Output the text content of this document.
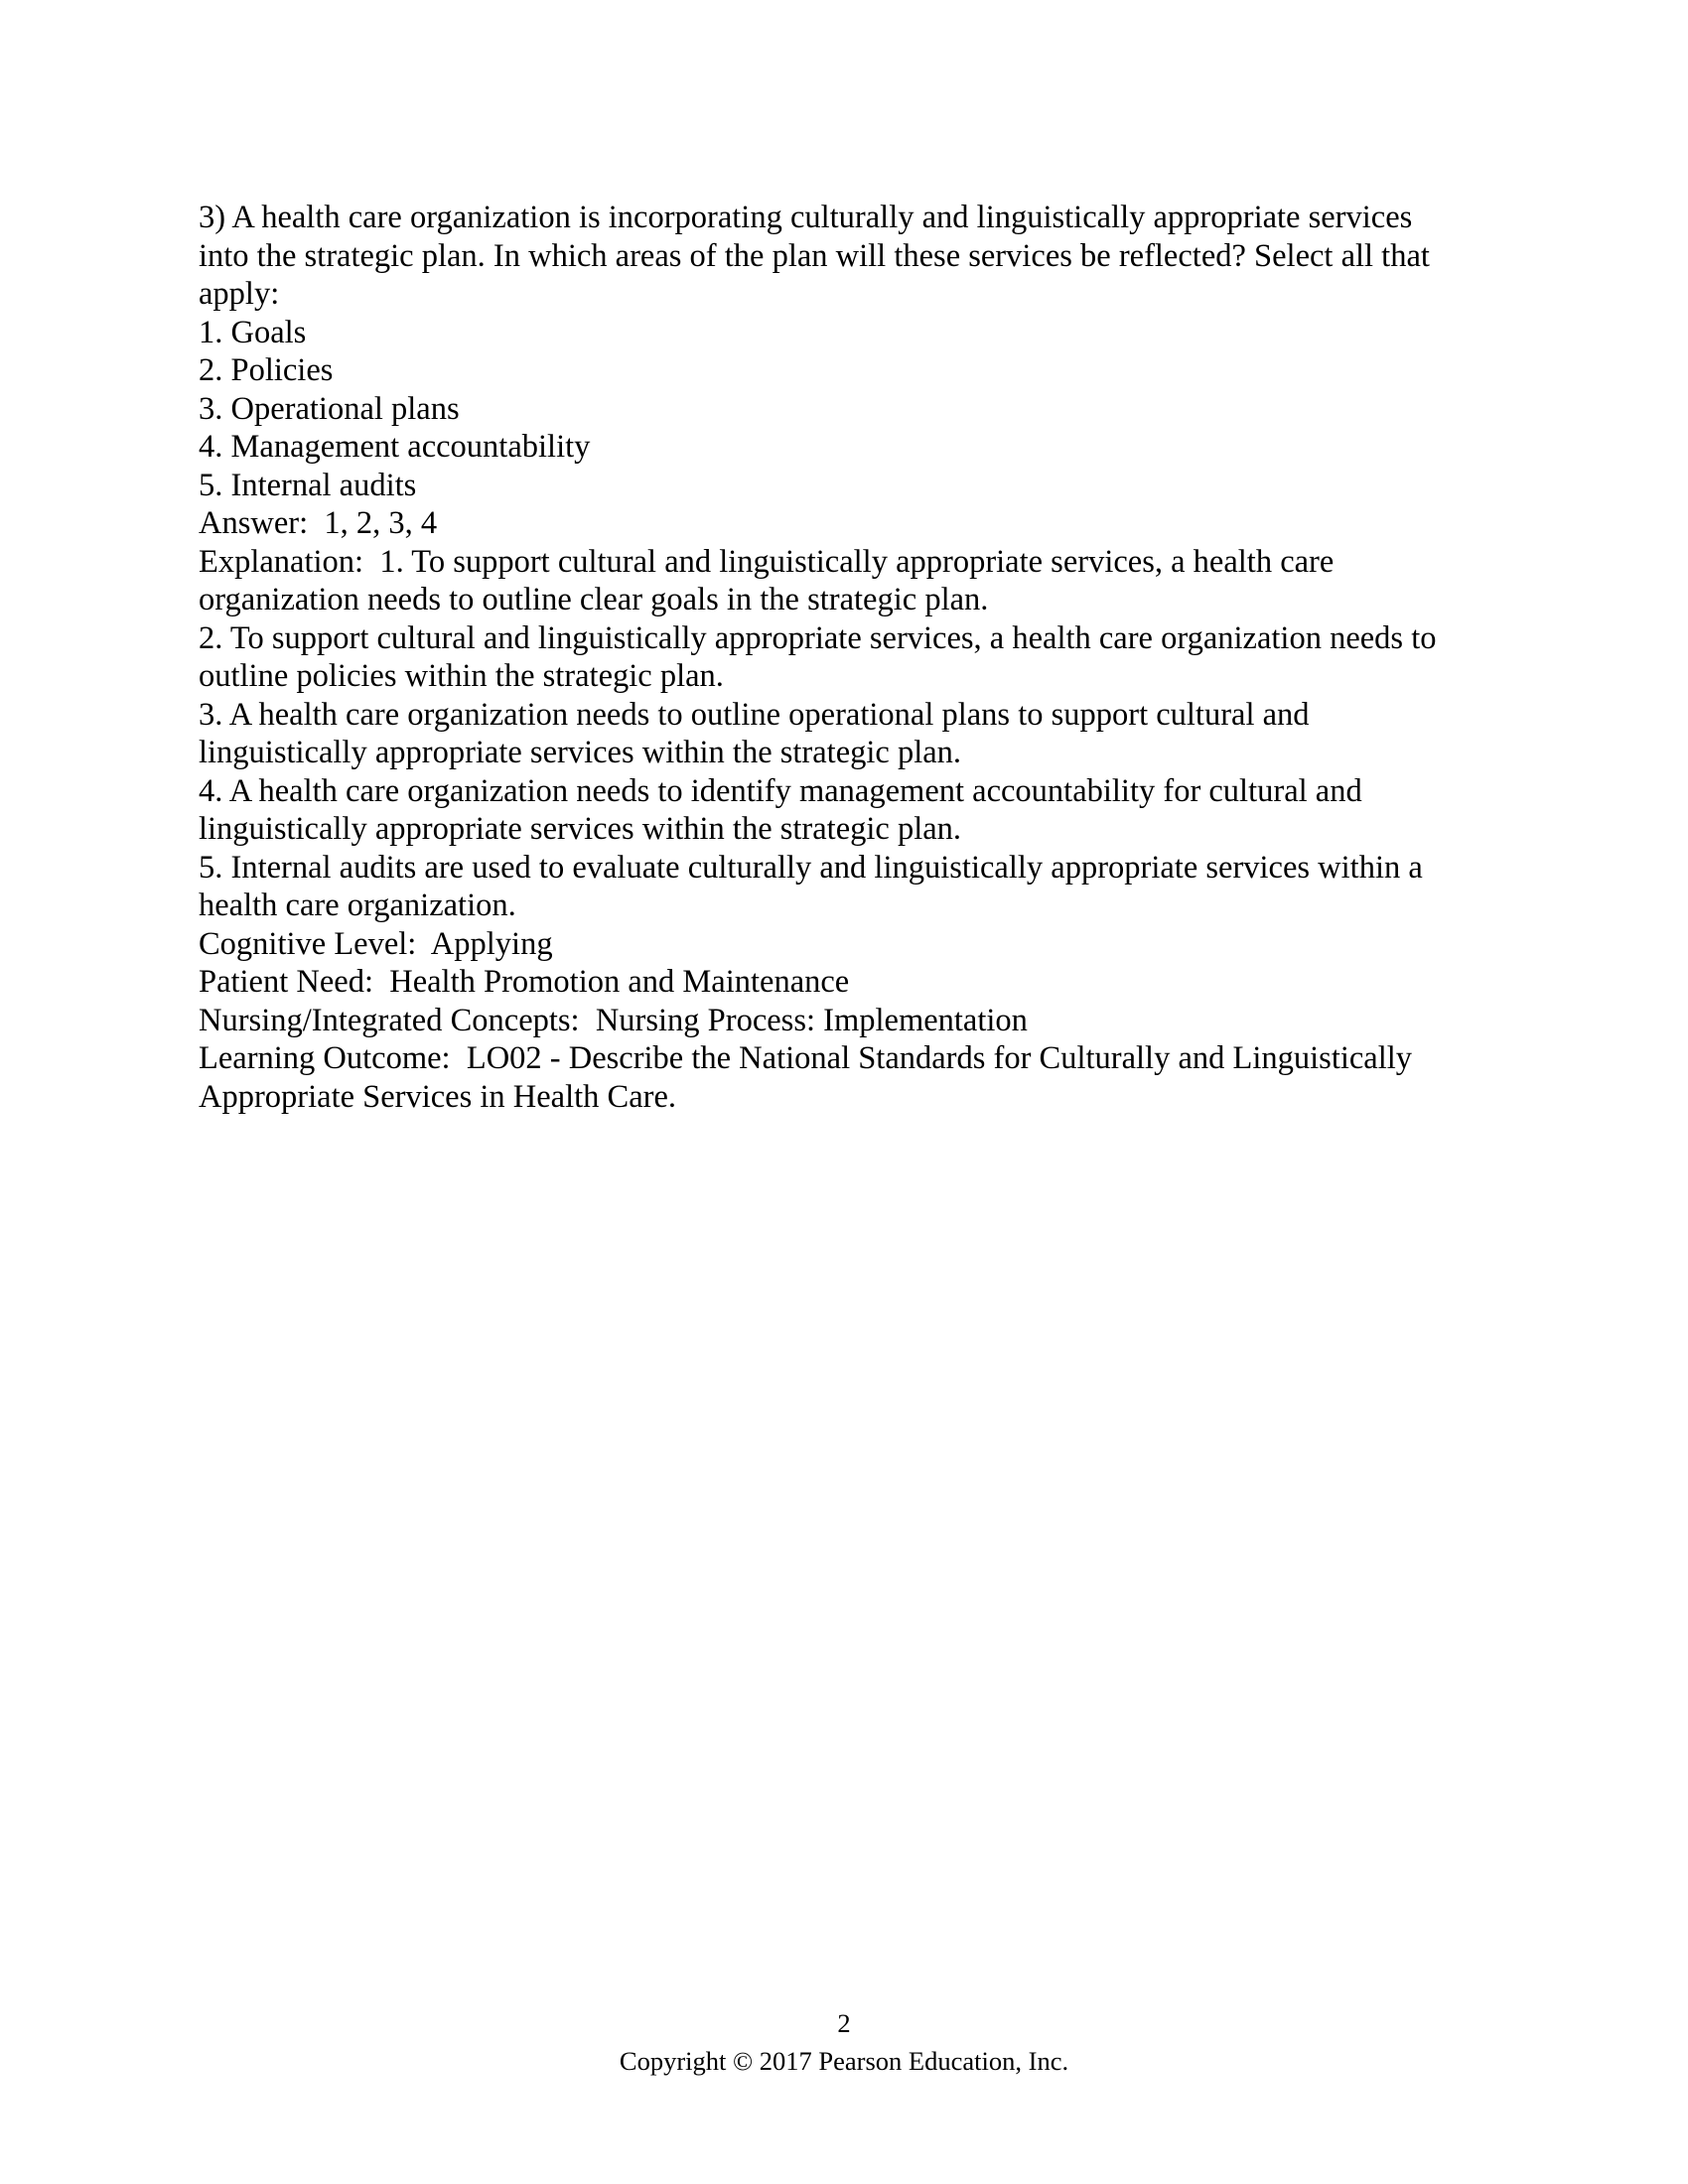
3) A health care organization is incorporating culturally and linguistically appropriate services
into the strategic plan. In which areas of the plan will these services be reflected? Select all that
apply:
1. Goals
2. Policies
3. Operational plans
4. Management accountability
5. Internal audits
Answer:  1, 2, 3, 4
Explanation:  1. To support cultural and linguistically appropriate services, a health care
organization needs to outline clear goals in the strategic plan.
2. To support cultural and linguistically appropriate services, a health care organization needs to
outline policies within the strategic plan.
3. A health care organization needs to outline operational plans to support cultural and
linguistically appropriate services within the strategic plan.
4. A health care organization needs to identify management accountability for cultural and
linguistically appropriate services within the strategic plan.
5. Internal audits are used to evaluate culturally and linguistically appropriate services within a
health care organization.
Cognitive Level:  Applying
Patient Need:  Health Promotion and Maintenance
Nursing/Integrated Concepts:  Nursing Process: Implementation
Learning Outcome:  LO02 - Describe the National Standards for Culturally and Linguistically
Appropriate Services in Health Care.
2
Copyright © 2017 Pearson Education, Inc.
